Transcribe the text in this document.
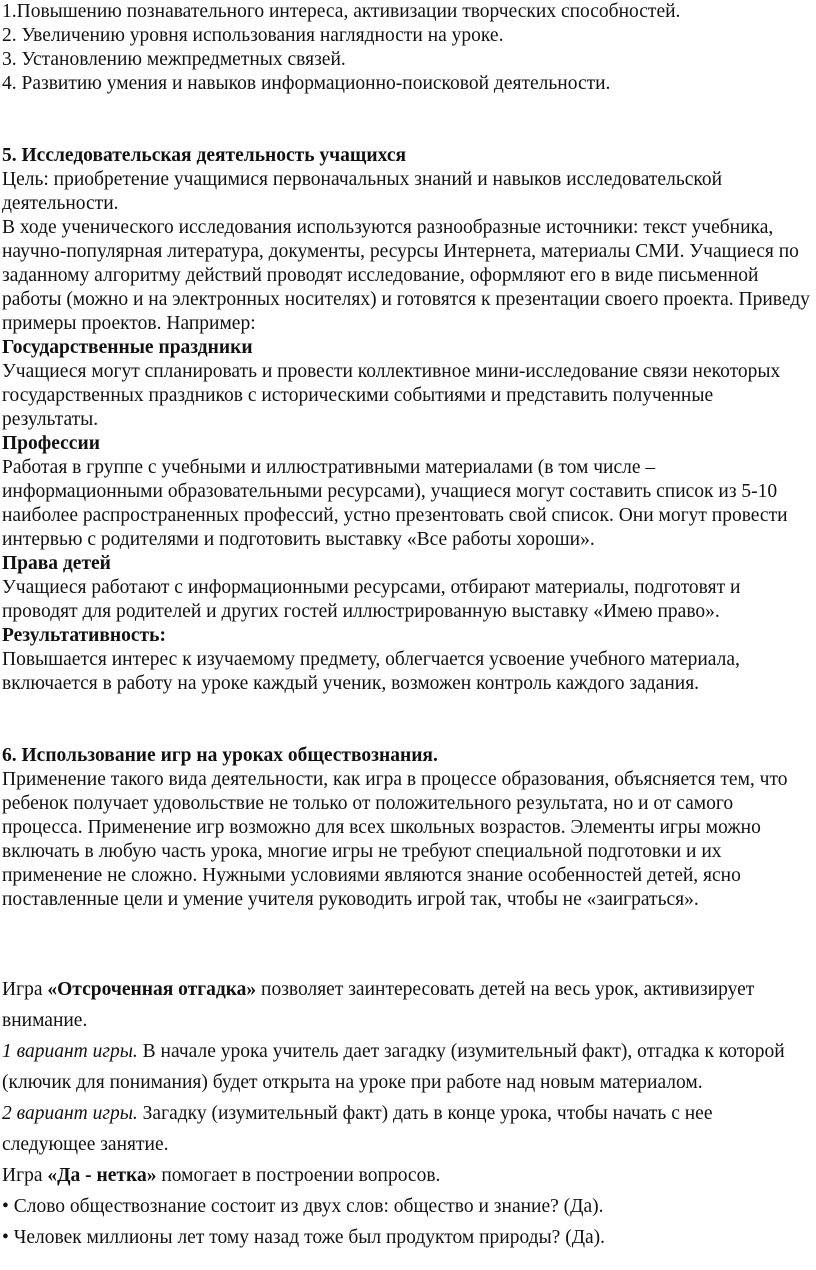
1.Повышению познавательного интереса, активизации творческих способностей.
2. Увеличению уровня использования наглядности на уроке.
3. Установлению межпредметных связей.
4. Развитию умения и навыков информационно-поисковой деятельности.

5. Исследовательская деятельность учащихся

Цель: приобретение учащимися первоначальных знаний и навыков исследовательской деятельности.

В ходе ученического исследования используются разнообразные источники: текст учебника, научно-популярная литература, документы, ресурсы Интернета, материалы СМИ. Учащиеся по заданному алгоритму действий проводят исследование, оформляют его в виде письменной работы (можно и на электронных носителях) и готовятся к презентации своего проекта. Приведу примеры проектов. Например:

Государственные праздники

Учащиеся могут спланировать и провести коллективное мини-исследование связи некоторых государственных праздников с историческими событиями и представить полученные результаты.

Профессии

Работая в группе с учебными и иллюстративными материалами (в том числе – информационными образовательными ресурсами), учащиеся могут составить список из 5-10 наиболее распространенных профессий, устно презентовать свой список. Они могут провести интервью с родителями и подготовить выставку «Все работы хороши».

Права детей

Учащиеся работают с информационными ресурсами, отбирают материалы, подготовят и проводят для родителей и других гостей иллюстрированную выставку «Имею право».

Результативность:

Повышается интерес к изучаемому предмету, облегчается усвоение учебного материала, включается в работу на уроке каждый ученик, возможен контроль каждого задания.

6. Использование игр на уроках обществознания.

Применение такого вида деятельности, как игра в процессе образования, объясняется тем, что ребенок получает удовольствие не только от положительного результата, но и от самого процесса. Применение игр возможно для всех школьных возрастов. Элементы игры можно включать в любую часть урока, многие игры не требуют специальной подготовки и их применение не сложно. Нужными условиями являются знание особенностей детей, ясно поставленные цели и умение учителя руководить игрой так, чтобы не «заиграться».

Игра «Отсроченная отгадка» позволяет заинтересовать детей на весь урок, активизирует внимание.

1 вариант игры. В начале урока учитель дает загадку (изумительный факт), отгадка к которой (ключик для понимания) будет открыта на уроке при работе над новым материалом.

2 вариант игры. Загадку (изумительный факт) дать в конце урока, чтобы начать с нее следующее занятие.

Игра «Да - нетка» помогает в построении вопросов.

• Слово обществознание состоит из двух слов: общество и знание? (Да).

• Человек миллионы лет тому назад тоже был продуктом природы? (Да).
